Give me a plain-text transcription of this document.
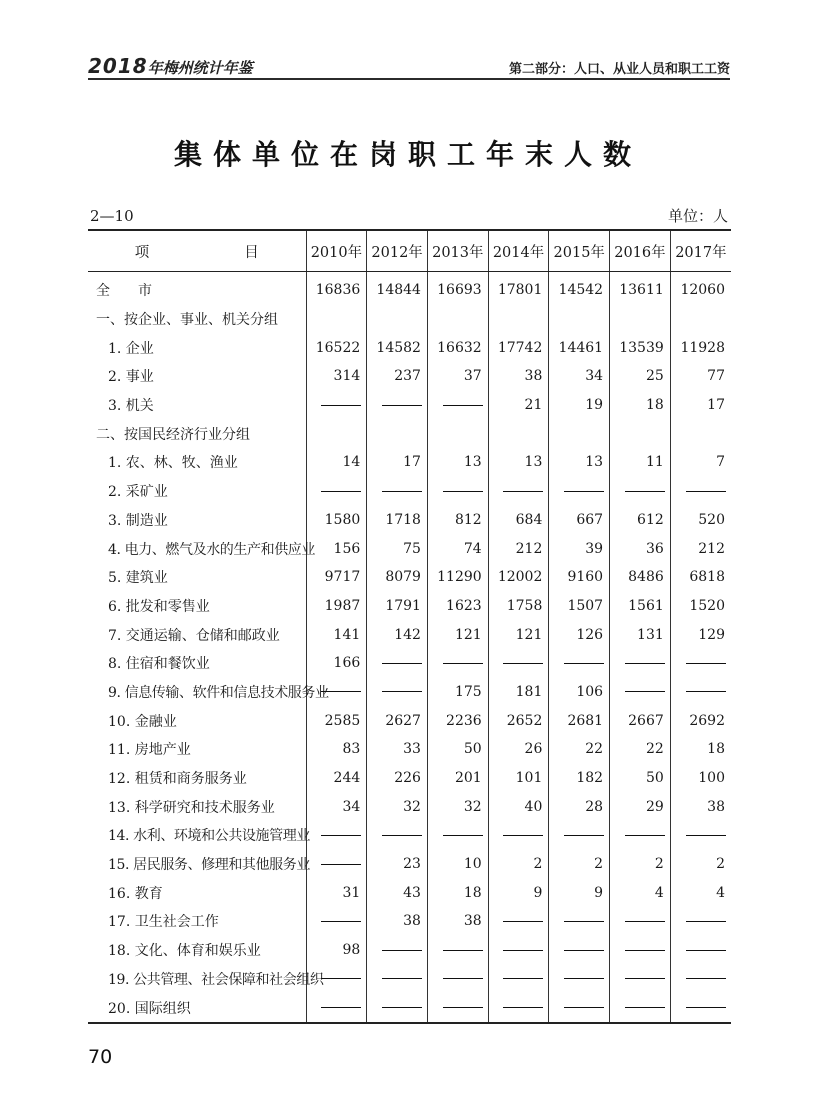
2018年梅州统计年鉴	第二部分：人口、从业人员和职工工资
集体单位在岗职工年末人数
2—10	单位：人
项　　目	2010年	2012年	2013年	2014年	2015年	2016年	2017年
全　　市	16836	14844	16693	17801	14542	13611	12060
一、按企业、事业、机关分组							
1. 企业	16522	14582	16632	17742	14461	13539	11928
2. 事业	314	237	37	38	34	25	77
3. 机关				21	19	18	17
二、按国民经济行业分组							
1. 农、林、牧、渔业	14	17	13	13	13	11	7
2. 采矿业							
3. 制造业	1580	1718	812	684	667	612	520
4. 电力、燃气及水的生产和供应业	156	75	74	212	39	36	212
5. 建筑业	9717	8079	11290	12002	9160	8486	6818
6. 批发和零售业	1987	1791	1623	1758	1507	1561	1520
7. 交通运输、仓储和邮政业	141	142	121	121	126	131	129
8. 住宿和餐饮业	166						
9. 信息传输、软件和信息技术服务业			175	181	106		
10. 金融业	2585	2627	2236	2652	2681	2667	2692
11. 房地产业	83	33	50	26	22	22	18
12. 租赁和商务服务业	244	226	201	101	182	50	100
13. 科学研究和技术服务业	34	32	32	40	28	29	38
14. 水利、环境和公共设施管理业							
15. 居民服务、修理和其他服务业		23	10	2	2	2	2
16. 教育	31	43	18	9	9	4	4
17. 卫生社会工作		38	38				
18. 文化、体育和娱乐业	98						
19. 公共管理、社会保障和社会组织							
20. 国际组织							
70
